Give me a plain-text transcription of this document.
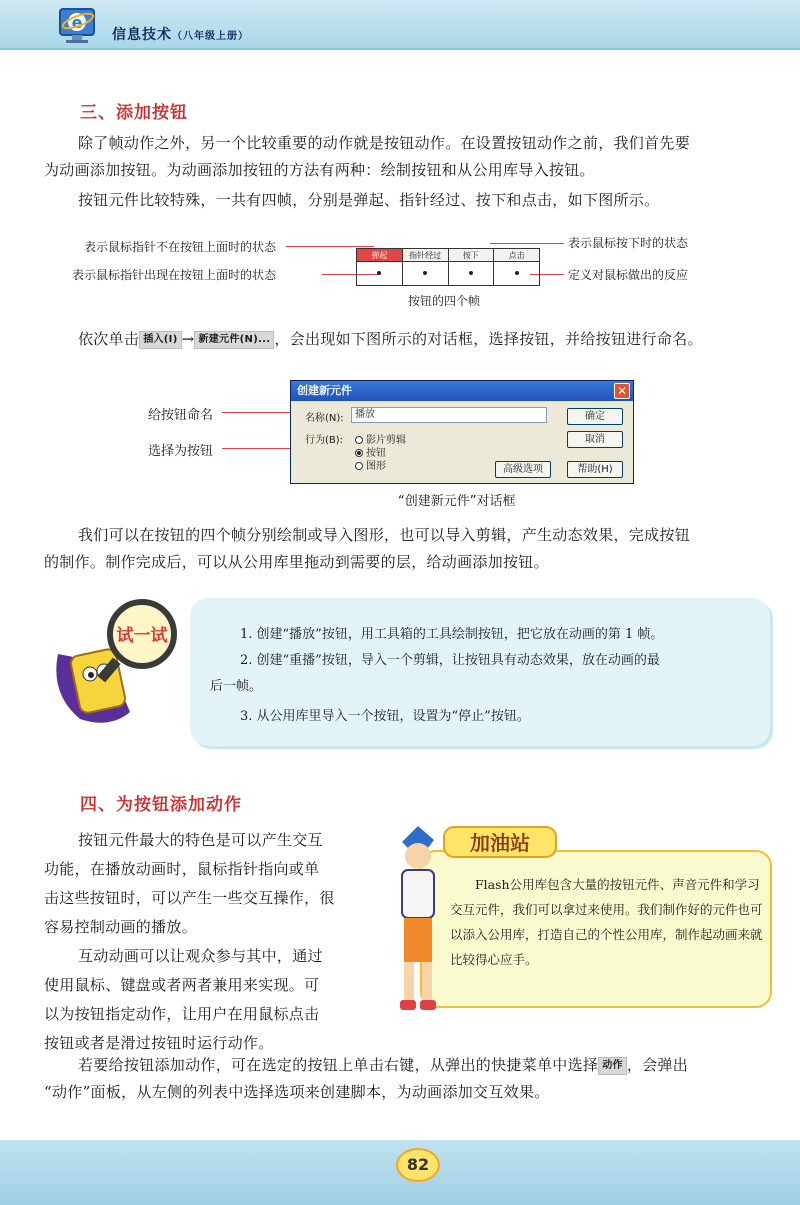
e
信息技术（八年级上册）
三、添加按钮
除了帧动作之外，另一个比较重要的动作就是按钮动作。在设置按钮动作之前，我们首先要
为动画添加按钮。为动画添加按钮的方法有两种：绘制按钮和从公用库导入按钮。
按钮元件比较特殊，一共有四帧，分别是弹起、指针经过、按下和点击，如下图所示。
表示鼠标指针不在按钮上面时的状态
表示鼠标指针出现在按钮上面时的状态
表示鼠标按下时的状态
定义对鼠标做出的反应
弹起	指针经过	按下	点击
按钮的四个帧
依次单击 插入(I) → 新建元件(N)... ，会出现如下图所示的对话框，选择按钮，并给按钮进行命名。
给按钮命名
选择为按钮
创建新元件	✕
名称(N):	播放
行为(B):	影片剪辑
按钮
图形
确定
取消
高级选项	帮助(H)
“创建新元件”对话框
我们可以在按钮的四个帧分别绘制或导入图形，也可以导入剪辑，产生动态效果，完成按钮
的制作。制作完成后，可以从公用库里拖动到需要的层，给动画添加按钮。
试一试	1. 创建“播放”按钮，用工具箱的工具绘制按钮，把它放在动画的第 1 帧。
2. 创建“重播”按钮，导入一个剪辑，让按钮具有动态效果，放在动画的最
后一帧。
3. 从公用库里导入一个按钮，设置为“停止”按钮。
四、为按钮添加动作
按钮元件最大的特色是可以产生交互
功能，在播放动画时，鼠标指针指向或单
击这些按钮时，可以产生一些交互操作，很
容易控制动画的播放。
互动动画可以让观众参与其中，通过
使用鼠标、键盘或者两者兼用来实现。可
以为按钮指定动作，让用户在用鼠标点击
按钮或者是滑过按钮时运行动作。
加油站
Flash公用库包含大量的按钮元件、声音元件和学习交互元件，我们可以拿过来使用。我们制作好的元件也可以添入公用库，打造自己的个性公用库，制作起动画来就比较得心应手。
若要给按钮添加动作，可在选定的按钮上单击右键，从弹出的快捷菜单中选择 动作 ，会弹出
“动作”面板，从左侧的列表中选择选项来创建脚本，为动画添加交互效果。
82
